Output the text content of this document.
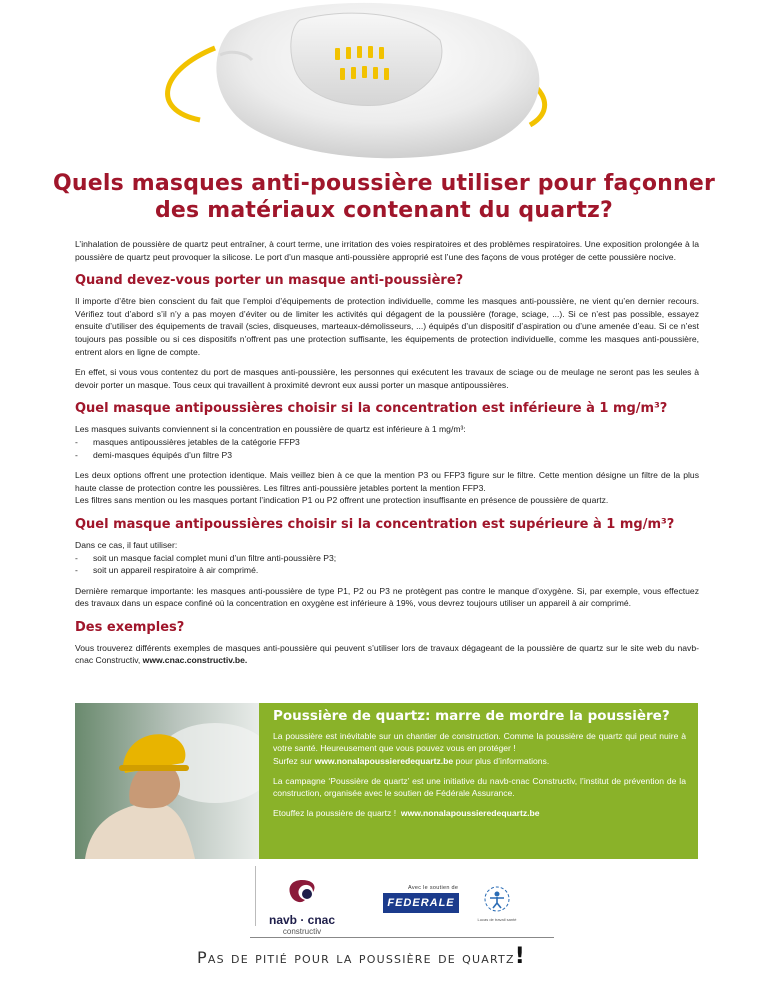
Quels masques anti-poussière utiliser pour façonner
des matériaux contenant du quartz?

L’inhalation de poussière de quartz peut entraîner, à court terme, une irritation des voies respiratoires et des problèmes respiratoires. Une exposition prolongée à la poussière de quartz peut provoquer la silicose. Le port d’un masque anti-poussière approprié est l’une des façons de vous protéger de cette poussière nocive.

Quand devez-vous porter un masque anti-poussière?

Il importe d’être bien conscient du fait que l’emploi d’équipements de protection individuelle, comme les masques anti-poussière, ne vient qu’en dernier recours. Vérifiez tout d’abord s’il n’y a pas moyen d’éviter ou de limiter les activités qui dégagent de la poussière (forage, sciage, ...). Si ce n’est pas possible, essayez ensuite d’utiliser des équipements de travail (scies, disqueuses, marteaux-démolisseurs, ...) équipés d’un dispositif d’aspiration ou d’une amenée d’eau. Si ce n’est toujours pas possible ou si ces dispositifs n’offrent pas une protection suffisante, les équipements de protection individuelle, comme les masques anti-poussière, entrent alors en ligne de compte.

En effet, si vous vous contentez du port de masques anti-poussière, les personnes qui exécutent les travaux de sciage ou de meulage ne seront pas les seules à devoir porter un masque. Tous ceux qui travaillent à proximité devront eux aussi porter un masque antipoussières.

Quel masque antipoussières choisir si la concentration est inférieure à 1 mg/m³?

Les masques suivants conviennent si la concentration en poussière de quartz est inférieure à 1 mg/m³:

- masques antipoussières jetables de la catégorie FFP3
- demi-masques équipés d’un filtre P3

Les deux options offrent une protection identique. Mais veillez bien à ce que la mention P3 ou FFP3 figure sur le filtre. Cette mention désigne un filtre de la plus haute classe de protection contre les poussières. Les filtres anti-poussière jetables portent la mention FFP3.

Les filtres sans mention ou les masques portant l’indication P1 ou P2 offrent une protection insuffisante en présence de poussière de quartz.

Quel masque antipoussières choisir si la concentration est supérieure à 1 mg/m³?

Dans ce cas, il faut utiliser:

- soit un masque facial complet muni d’un filtre anti-poussière P3;
- soit un appareil respiratoire à air comprimé.

Dernière remarque importante: les masques anti-poussière de type P1, P2 ou P3 ne protègent pas contre le manque d’oxygène. Si, par exemple, vous effectuez des travaux dans un espace confiné où la concentration en oxygène est inférieure à 19%, vous devrez toujours utiliser un appareil à air comprimé.

Des exemples?

Vous trouverez différents exemples de masques anti-poussière qui peuvent s’utiliser lors de travaux dégageant de la poussière de quartz sur le site web du navb-cnac Constructiv, www.cnac.constructiv.be.

Poussière de quartz: marre de mordre la poussière?

La poussière est inévitable sur un chantier de construction. Comme la poussière de quartz qui peut nuire à votre santé. Heureusement que vous pouvez vous en protéger !

Surfez sur www.nonalapoussieredequartz.be pour plus d’informations.

La campagne ‘Poussière de quartz’ est une initiative du navb-cnac Constructiv, l’institut de prévention de la construction, organisée avec le soutien de Fédérale Assurance.

Etouffez la poussière de quartz ! www.nonalapoussieredequartz.be

navb · cnac
constructiv
Avec le soutien de
FEDERALE
Lucas de travail santé
Pas de pitié pour la poussière de quartz!
